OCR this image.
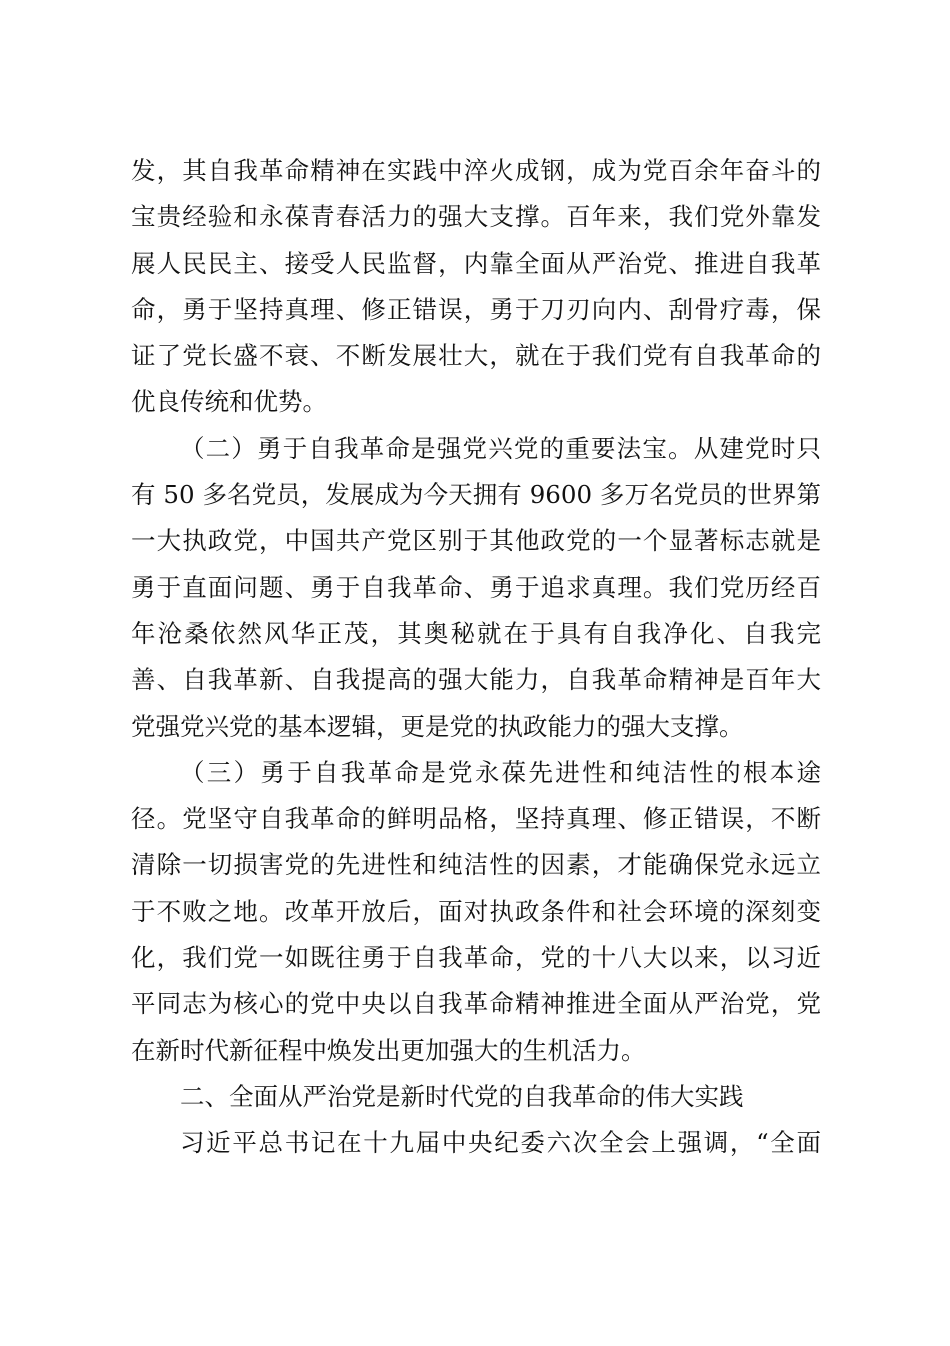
发，其自我革命精神在实践中淬火成钢，成为党百余年奋斗的
宝贵经验和永葆青春活力的强大支撑。百年来，我们党外靠发
展人民民主、接受人民监督，内靠全面从严治党、推进自我革
命，勇于坚持真理、修正错误，勇于刀刃向内、刮骨疗毒，保
证了党长盛不衰、不断发展壮大，就在于我们党有自我革命的
优良传统和优势。
（二）勇于自我革命是强党兴党的重要法宝。从建党时只
有 50 多名党员，发展成为今天拥有 9600 多万名党员的世界第
一大执政党，中国共产党区别于其他政党的一个显著标志就是
勇于直面问题、勇于自我革命、勇于追求真理。我们党历经百
年沧桑依然风华正茂，其奥秘就在于具有自我净化、自我完
善、自我革新、自我提高的强大能力，自我革命精神是百年大
党强党兴党的基本逻辑，更是党的执政能力的强大支撑。
（三）勇于自我革命是党永葆先进性和纯洁性的根本途
径。党坚守自我革命的鲜明品格，坚持真理、修正错误，不断
清除一切损害党的先进性和纯洁性的因素，才能确保党永远立
于不败之地。改革开放后，面对执政条件和社会环境的深刻变
化，我们党一如既往勇于自我革命，党的十八大以来，以习近
平同志为核心的党中央以自我革命精神推进全面从严治党，党
在新时代新征程中焕发出更加强大的生机活力。
二、全面从严治党是新时代党的自我革命的伟大实践
习近平总书记在十九届中央纪委六次全会上强调，“全面
